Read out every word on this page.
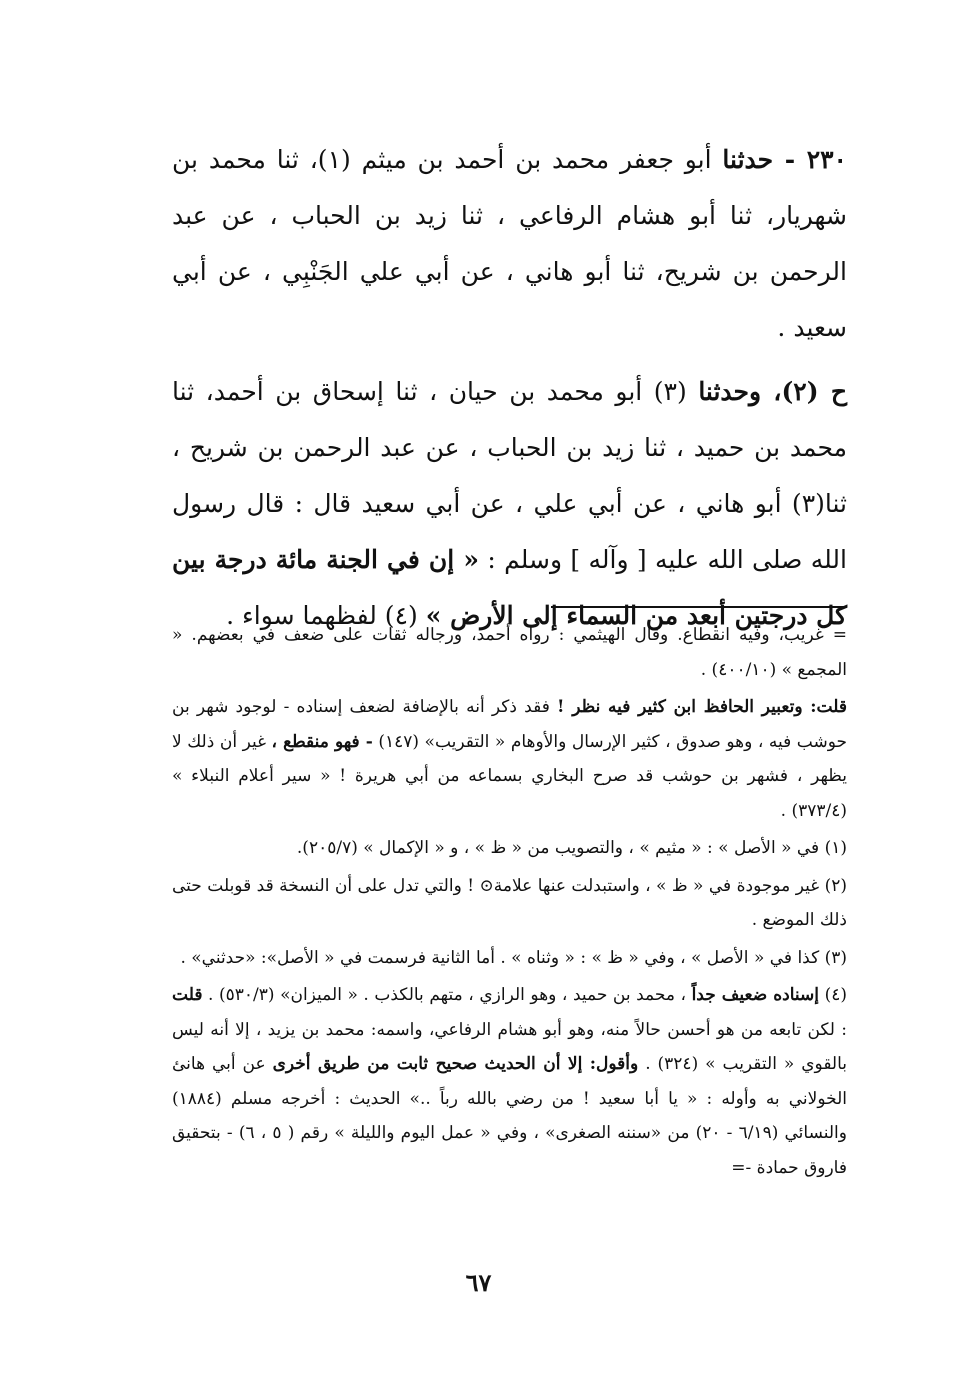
٢٣٠ - حدثنا أبو جعفر محمد بن أحمد بن ميثم (١)، ثنا محمد بن شهريار، ثنا أبو هشام الرفاعي ، ثنا زيد بن الحباب ، عن عبد الرحمن بن شريح، ثنا أبو هاني ، عن أبي علي الجَنْبِي ، عن أبي سعيد .

ح (٢)، وحدثنا (٣) أبو محمد بن حيان ، ثنا إسحاق بن أحمد، ثنا محمد بن حميد ، ثنا زيد بن الحباب ، عن عبد الرحمن بن شريح ، ثنا(٣) أبو هاني ، عن أبي علي ، عن أبي سعيد قال : قال رسول الله صلى الله عليه [ وآله ] وسلم : « إن في الجنة مائة درجة بين كل درجتين أبعد من السماء إلى الأرض » (٤) لفظهما سواء .

= غريب، وفيه انقطاع. وقال الهيثمي : رواه أحمد، ورجاله ثقات على ضعف في بعضهم. « المجمع » (٤٠٠/١٠) .

قلت: وتعبير الحافظ ابن كثير فيه نظر ! فقد ذكر أنه بالإضافة لضعف إسناده - لوجود شهر بن حوشب فيه ، وهو صدوق ، كثير الإرسال والأوهام « التقريب» (١٤٧) - فهو منقطع ، غير أن ذلك لا يظهر ، فشهر بن حوشب قد صرح البخاري بسماعه من أبي هريرة ! « سير أعلام النبلاء » (٣٧٣/٤) .

(١) في « الأصل » : « مثيم » ، والتصويب من « ظ » ، و « الإكمال » (٢٠٥/٧).

(٢) غير موجودة في « ظ » ، واستبدلت عنها علامة⊙ ! والتي تدل على أن النسخة قد قوبلت حتى ذلك الموضع .

(٣) كذا في « الأصل » ، وفي « ظ » : « وثناه » . أما الثانية فرسمت في « الأصل»: «حدثني» .

(٤) إسناده ضعيف جداً ، محمد بن حميد ، وهو الرازي ، متهم بالكذب . « الميزان» (٥٣٠/٣) . قلت : لكن تابعه من هو أحسن حالاً منه، وهو أبو هشام الرفاعي، واسمه: محمد بن يزيد ، إلا أنه ليس بالقوي « التقريب » (٣٢٤) . وأقول: إلا أن الحديث صحيح ثابت من طريق أخرى عن أبي هانئ الخولاني به وأوله : « يا أبا سعيد ! من رضي بالله رباً ..» الحديث : أخرجه مسلم (١٨٨٤) والنسائي (٦/١٩ - ٢٠) من «سننه الصغرى» ، وفي « عمل اليوم والليلة » رقم ( ٥ ، ٦) - بتحقيق فاروق حمادة -=

٦٧
